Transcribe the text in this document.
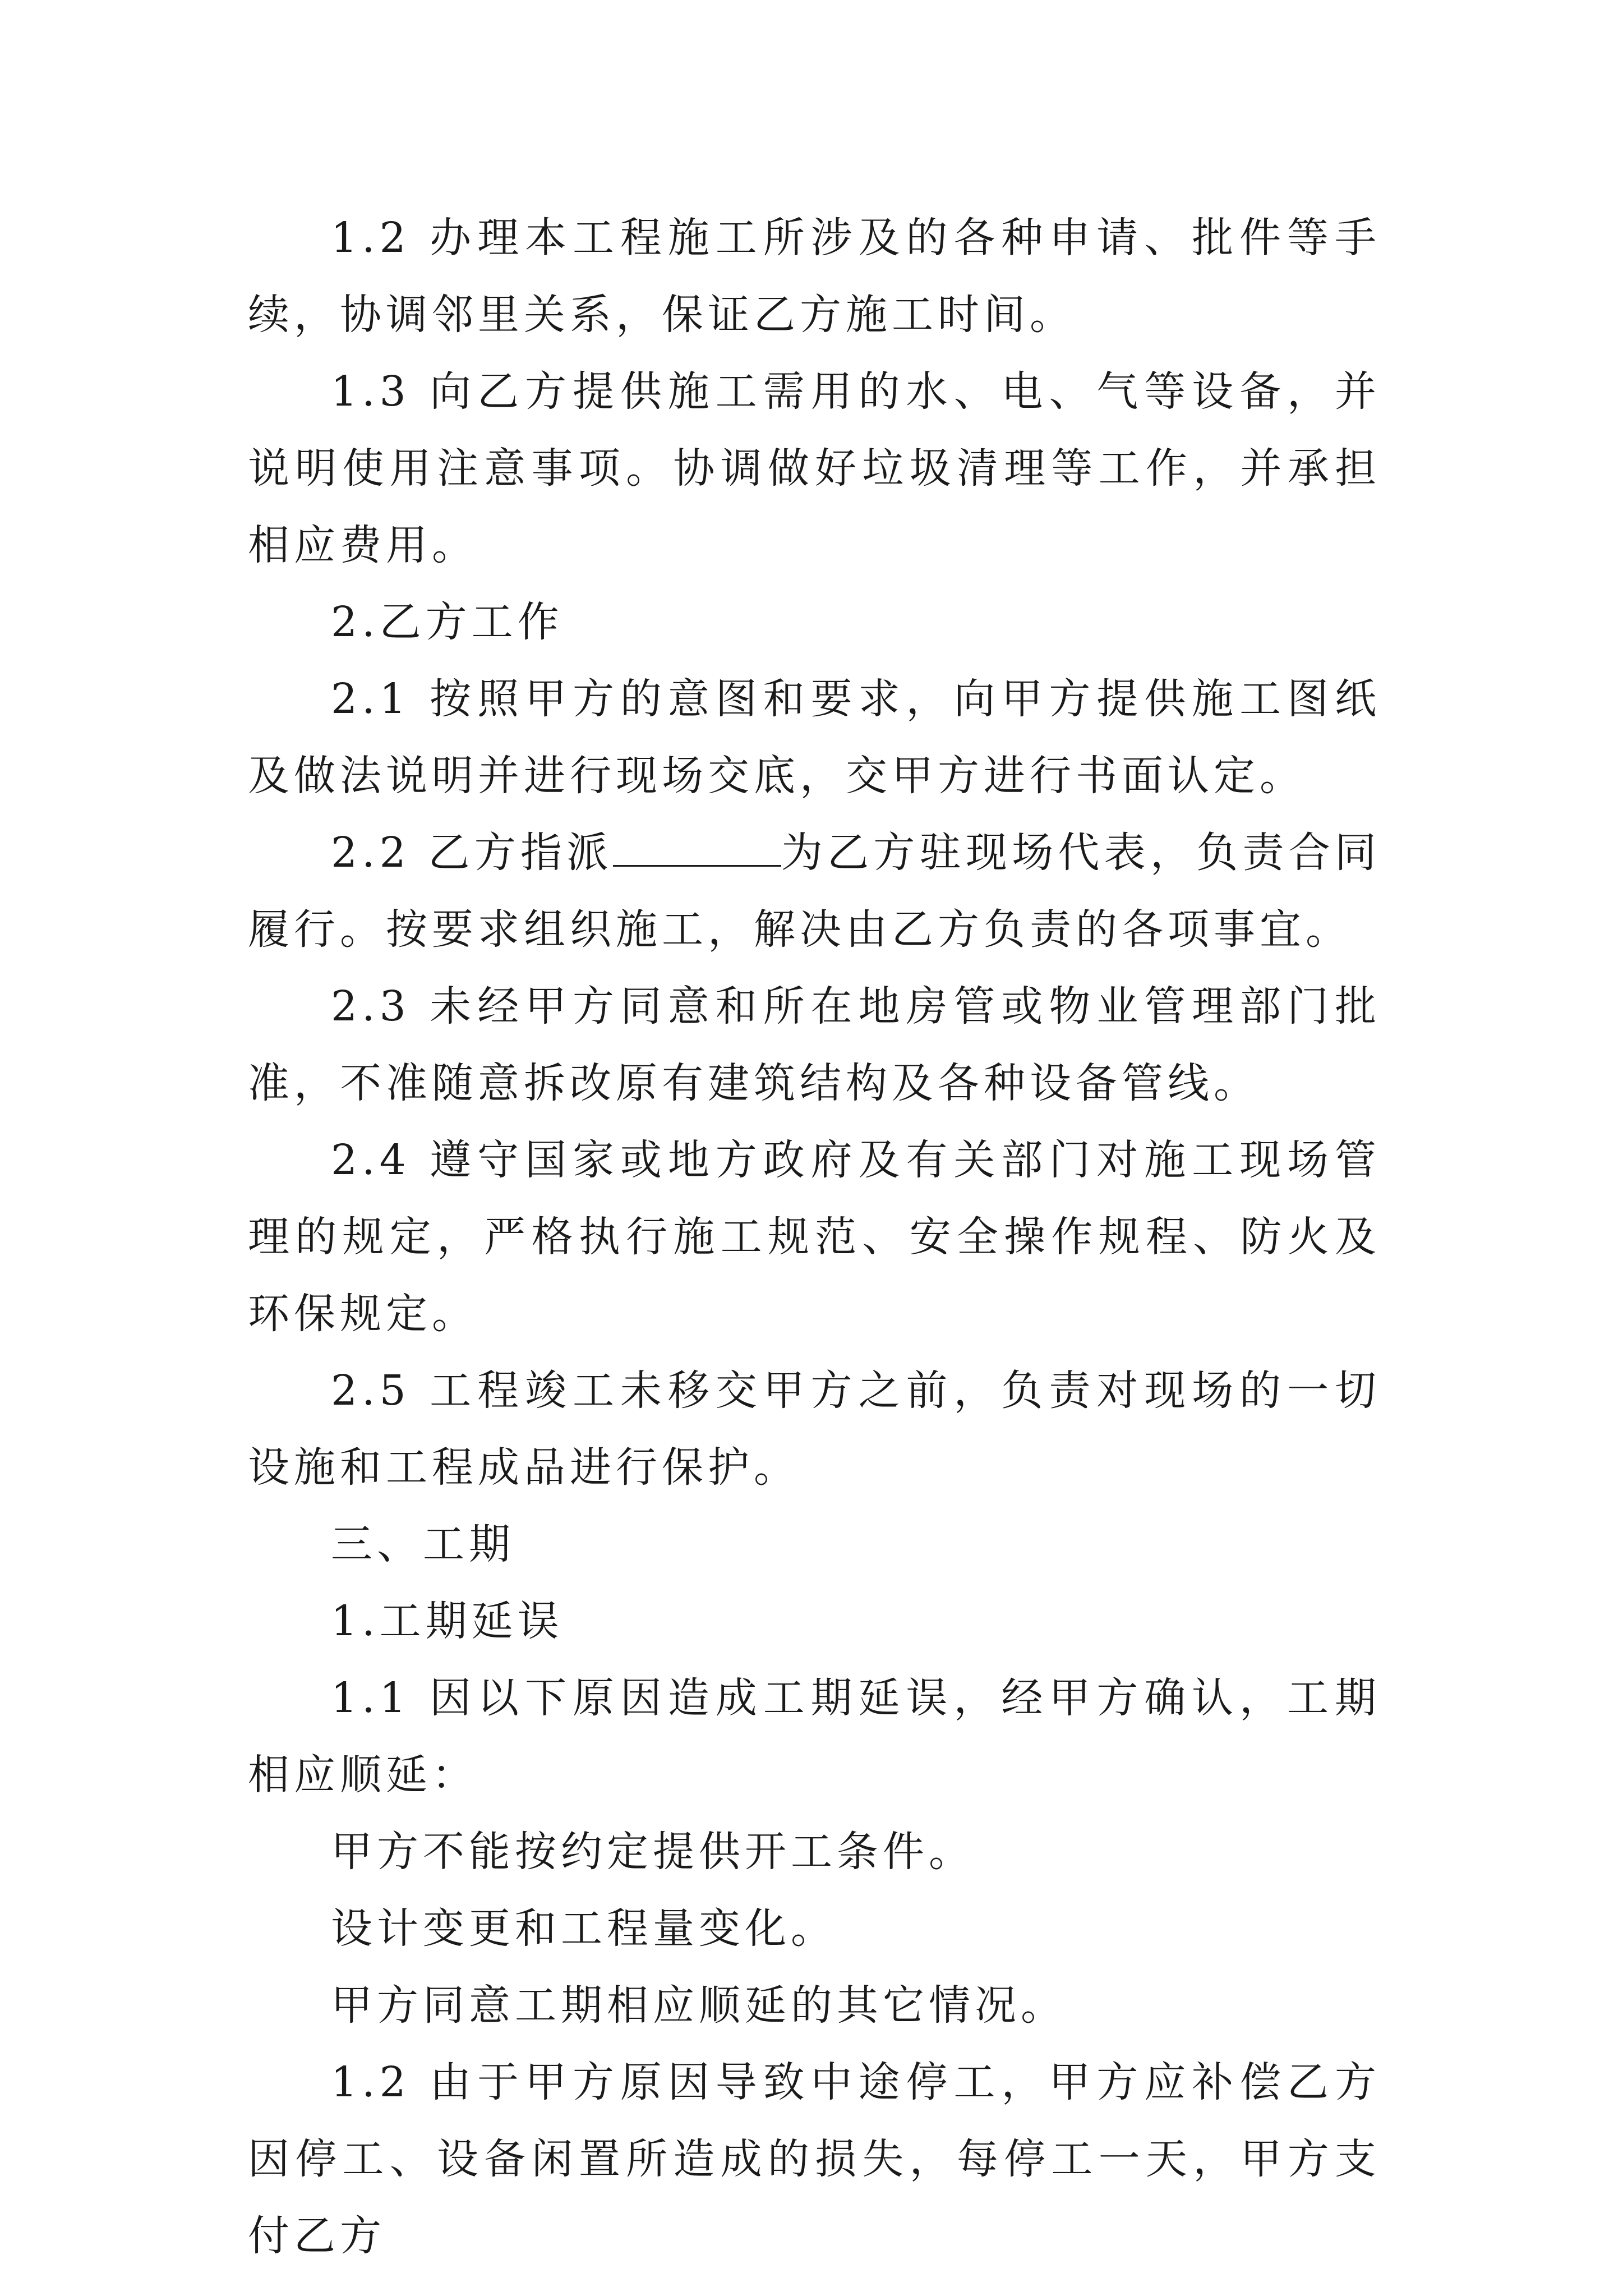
1.2 办理本工程施工所涉及的各种申请、批件等手续，协调邻里关系，保证乙方施工时间。

1.3 向乙方提供施工需用的水、电、气等设备，并说明使用注意事项。协调做好垃圾清理等工作，并承担相应费用。

2.乙方工作

2.1 按照甲方的意图和要求，向甲方提供施工图纸及做法说明并进行现场交底，交甲方进行书面认定。

2.2 乙方指派	为乙方驻现场代表，负责合同履行。按要求组织施工，解决由乙方负责的各项事宜。

2.3 未经甲方同意和所在地房管或物业管理部门批准，不准随意拆改原有建筑结构及各种设备管线。

2.4 遵守国家或地方政府及有关部门对施工现场管理的规定，严格执行施工规范、安全操作规程、防火及环保规定。

2.5 工程竣工未移交甲方之前，负责对现场的一切设施和工程成品进行保护。

三、工期

1.工期延误

1.1 因以下原因造成工期延误，经甲方确认，工期相应顺延：

甲方不能按约定提供开工条件。

设计变更和工程量变化。

甲方同意工期相应顺延的其它情况。

1.2 由于甲方原因导致中途停工，甲方应补偿乙方因停工、设备闲置所造成的损失，每停工一天，甲方支付乙方
